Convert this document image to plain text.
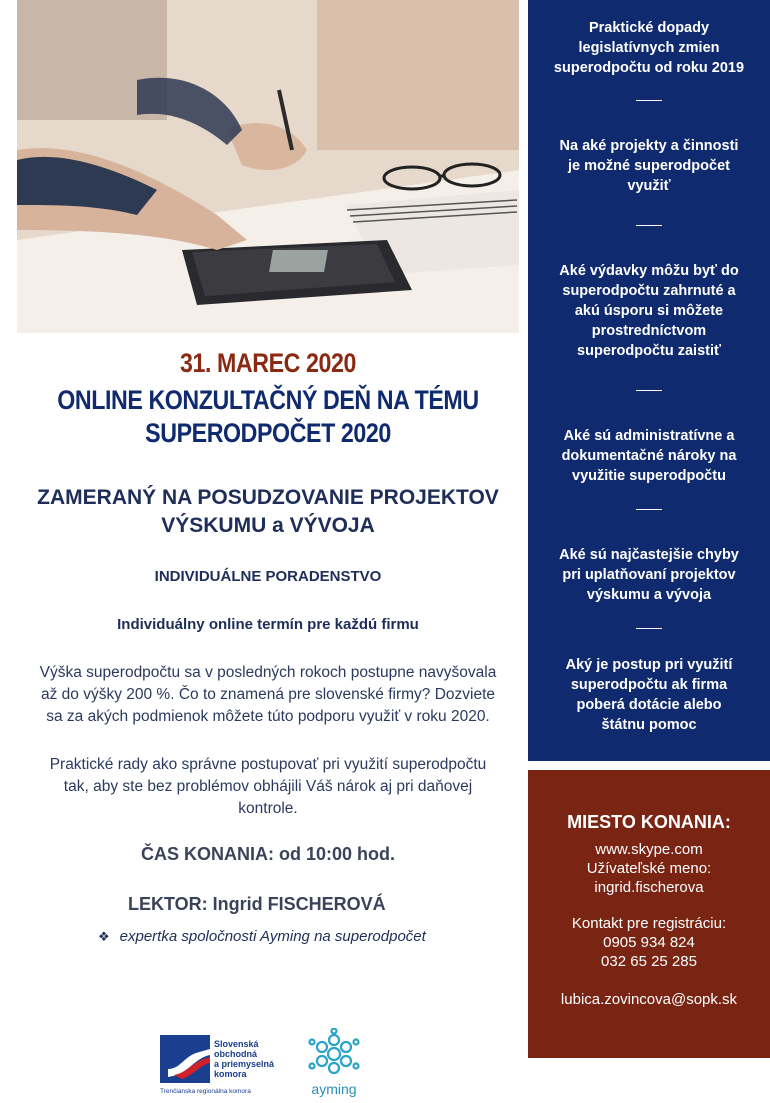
31. MAREC 2020
ONLINE KONZULTAČNÝ DEŇ NA TÉMU
SUPERODPOČET 2020
ZAMERANÝ NA POSUDZOVANIE PROJEKTOV
VÝSKUMU a VÝVOJA
INDIVIDUÁLNE PORADENSTVO
Individuálny online termín pre každú firmu
Výška superodpočtu sa v posledných rokoch postupne navyšovala
až do výšky 200 %. Čo to znamená pre slovenské firmy? Dozviete
sa za akých podmienok môžete túto podporu využiť v roku 2020.
Praktické rady ako správne postupovať pri využití superodpočtu
tak, aby ste bez problémov obhájili Váš nárok aj pri daňovej
kontrole.
ČAS KONANIA: od 10:00 hod.
LEKTOR: Ingrid FISCHEROVÁ
❖ expertka spoločnosti Ayming na superodpočet
Praktické dopady
legislatívnych zmien
superodpočtu od roku 2019
Na aké projekty a činnosti
je možné superodpočet
využiť
Aké výdavky môžu byť do
superodpočtu zahrnuté a
akú úsporu si môžete
prostredníctvom
superodpočtu zaistiť
Aké sú administratívne a
dokumentačné nároky na
využitie superodpočtu
Aké sú najčastejšie chyby
pri uplatňovaní projektov
výskumu a vývoja
Aký je postup pri využití
superodpočtu ak firma
poberá dotácie alebo
štátnu pomoc
MIESTO KONANIA:
www.skype.com
Užívateľské meno:
ingrid.fischerova
Kontakt pre registráciu:
0905 934 824
032 65 25 285
lubica.zovincova@sopk.sk
Slovenská
obchodná
a priemyselná
komora
Trenčianska regionálna komora	ayming
